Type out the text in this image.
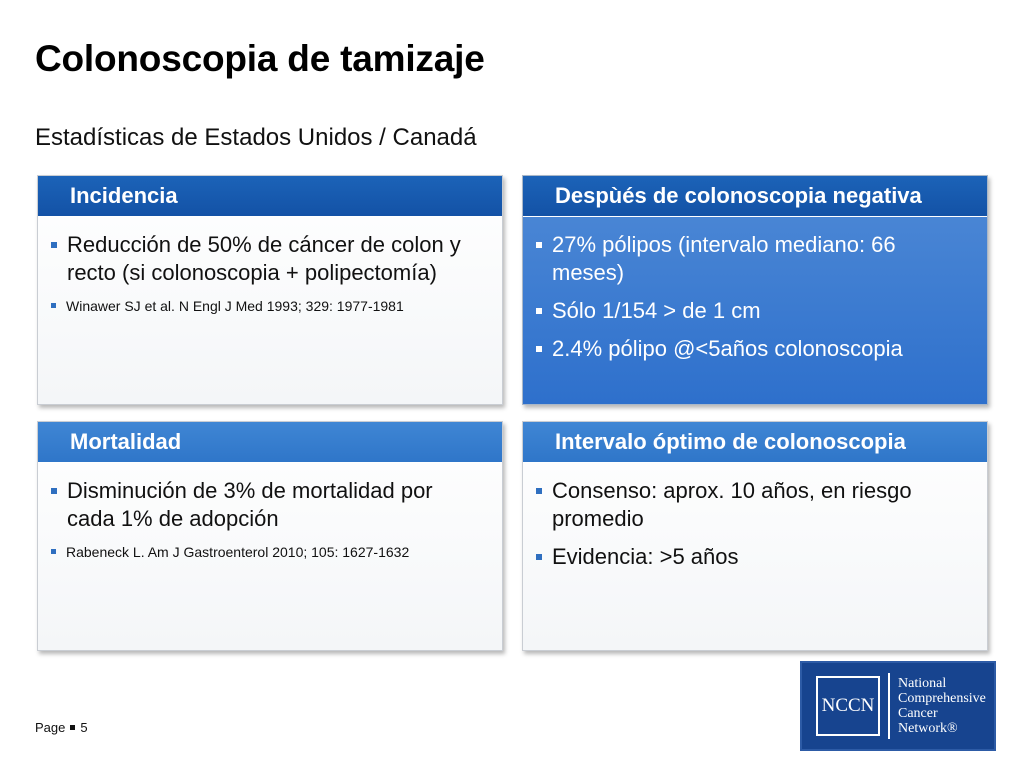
Colonoscopia de tamizaje
Estadísticas de Estados Unidos / Canadá
Incidencia
Reducción de 50% de cáncer de colon y recto (si colonoscopia + polipectomía)
Winawer SJ et al. N Engl J Med 1993; 329: 1977-1981
Despùés de colonoscopia negativa
27% pólipos (intervalo mediano: 66 meses)
Sólo 1/154 > de 1 cm
2.4% pólipo @<5años colonoscopia
Mortalidad
Disminución de 3% de mortalidad por cada 1% de adopción
Rabeneck L. Am J Gastroenterol 2010; 105: 1627-1632
Intervalo óptimo de colonoscopia
Consenso: aprox. 10 años, en riesgo promedio
Evidencia: >5 años
Page 5
NCCN
National
Comprehensive
Cancer
Network®
